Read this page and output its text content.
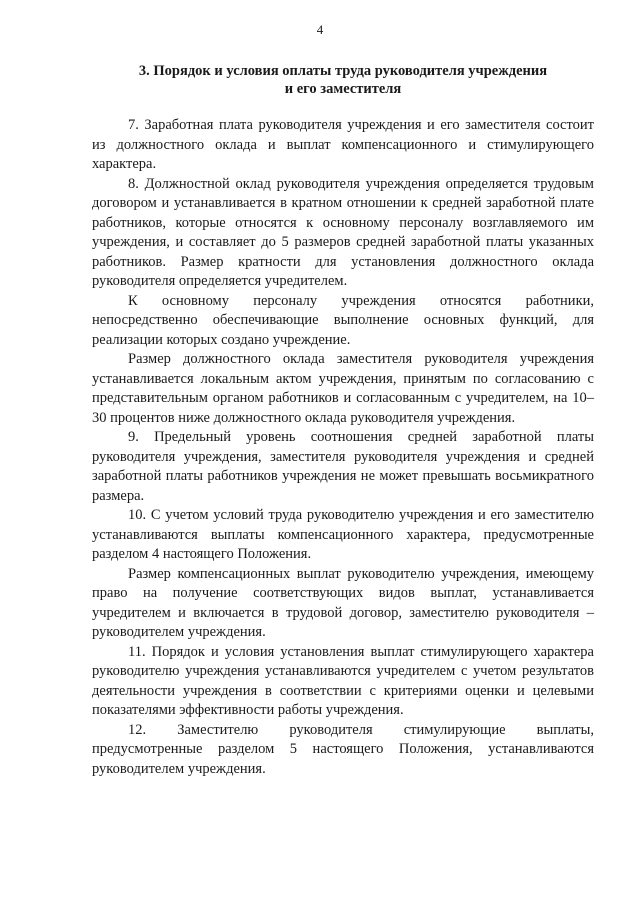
4
3. Порядок и условия оплаты труда руководителя учреждения
и его заместителя

7. Заработная плата руководителя учреждения и его заместителя состоит из должностного оклада и выплат компенсационного и стимулирующего характера.

8. Должностной оклад руководителя учреждения определяется трудовым договором и устанавливается в кратном отношении к средней заработной плате работников, которые относятся к основному персоналу возглавляемого им учреждения, и составляет до 5 размеров средней заработной платы указанных работников. Размер кратности для установления должностного оклада руководителя определяется учредителем.

К основному персоналу учреждения относятся работники, непосредственно обеспечивающие выполнение основных функций, для реализации которых создано учреждение.

Размер должностного оклада заместителя руководителя учреждения устанавливается локальным актом учреждения, принятым по согласованию с представительным органом работников и согласованным с учредителем, на 10–30 процентов ниже должностного оклада руководителя учреждения.

9. Предельный уровень соотношения средней заработной платы руководителя учреждения, заместителя руководителя учреждения и средней заработной платы работников учреждения не может превышать восьмикратного размера.

10. С учетом условий труда руководителю учреждения и его заместителю устанавливаются выплаты компенсационного характера, предусмотренные разделом 4 настоящего Положения.

Размер компенсационных выплат руководителю учреждения, имеющему право на получение соответствующих видов выплат, устанавливается учредителем и включается в трудовой договор, заместителю руководителя – руководителем учреждения.

11. Порядок и условия установления выплат стимулирующего характера руководителю учреждения устанавливаются учредителем с учетом результатов деятельности учреждения в соответствии с критериями оценки и целевыми показателями эффективности работы учреждения.

12. Заместителю руководителя стимулирующие выплаты, предусмотренные разделом 5 настоящего Положения, устанавливаются руководителем учреждения.
